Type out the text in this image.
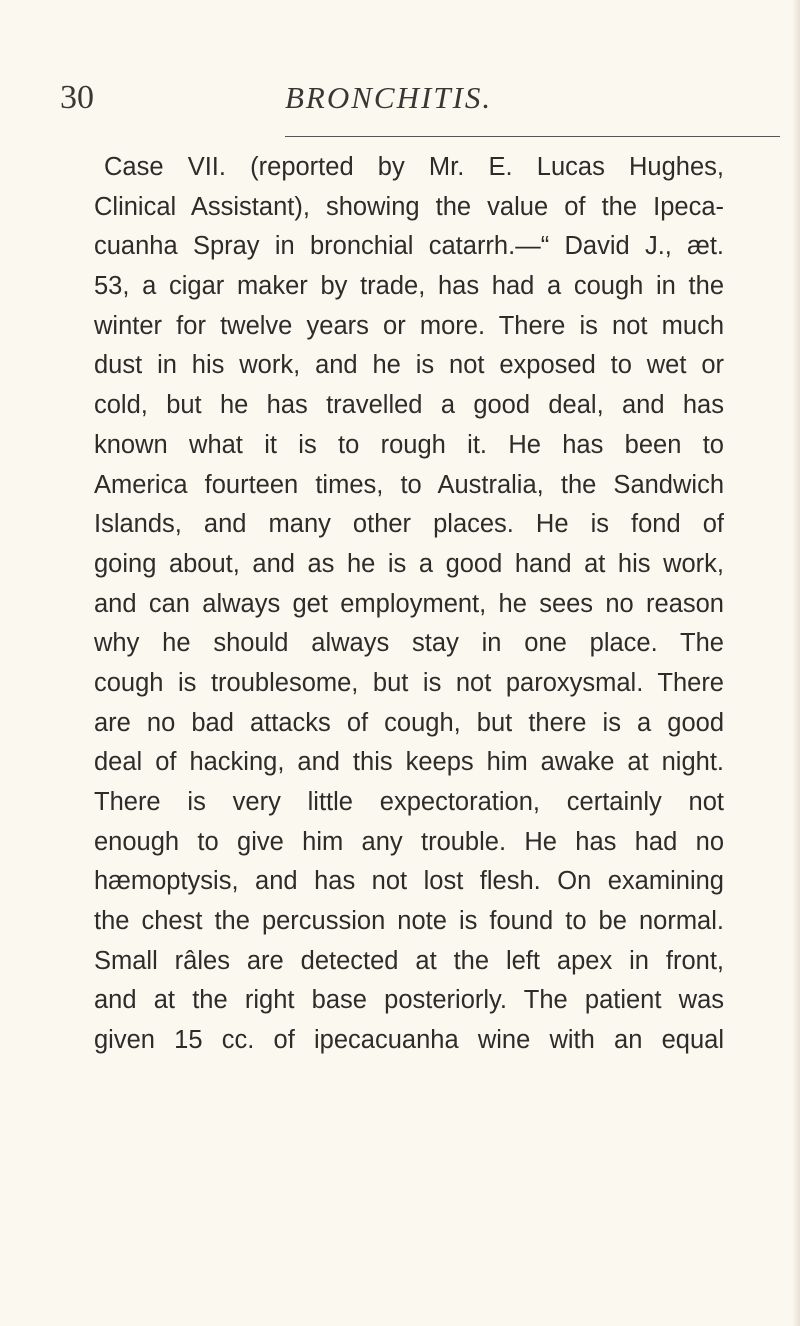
30	BRONCHITIS.
Case VII. (reported by Mr. E. Lucas Hughes,
Clinical Assistant), showing the value of the Ipeca-
cuanha Spray in bronchial catarrh.—“ David J., æt.
53, a cigar maker by trade, has had a cough in the
winter for twelve years or more. There is not much
dust in his work, and he is not exposed to wet or
cold, but he has travelled a good deal, and has
known what it is to rough it. He has been to
America fourteen times, to Australia, the Sandwich
Islands, and many other places. He is fond of
going about, and as he is a good hand at his work,
and can always get employment, he sees no reason
why he should always stay in one place. The
cough is troublesome, but is not paroxysmal. There
are no bad attacks of cough, but there is a good
deal of hacking, and this keeps him awake at night.
There is very little expectoration, certainly not
enough to give him any trouble. He has had no
hæmoptysis, and has not lost flesh. On examining
the chest the percussion note is found to be normal.
Small râles are detected at the left apex in front,
and at the right base posteriorly. The patient was
given 15 cc. of ipecacuanha wine with an equal
